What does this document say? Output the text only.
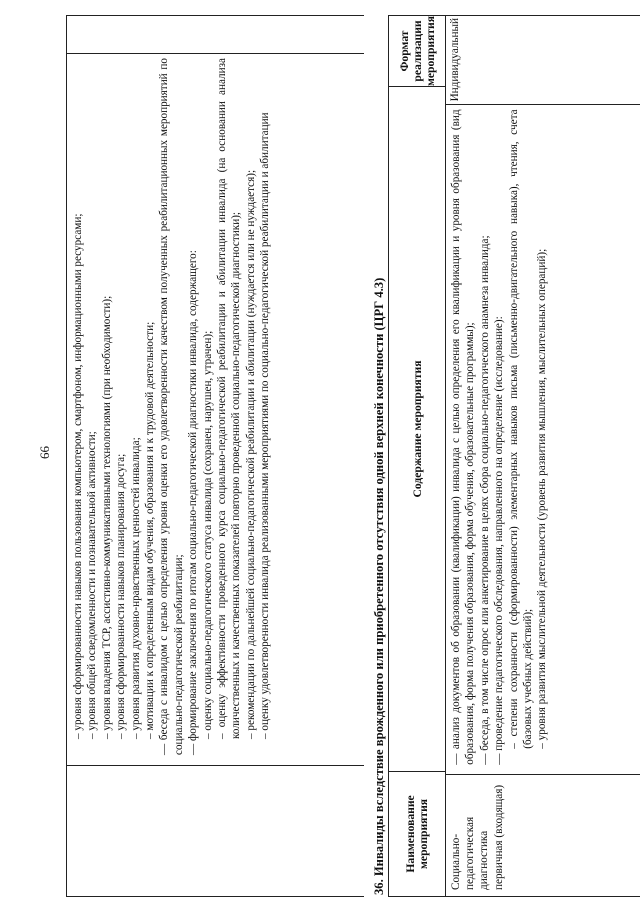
66 – уровня сформированности навыков пользования компьютером, смартфоном, информационными ресурсами; – уровня общей осведомленности и познавательной активности; – уровня владения ТСР, ассистивно-коммуникативными технологиями (при необходимости); – уровня сформированности навыков планирования досуга; – уровня развития духовно-нравственных ценностей инвалида; – мотивации к определенным видам обучения, образования и к трудовой деятельности; — беседа с инвалидом с целью определения уровня оценки его удовлетворенности качеством полученных реабилитационных мероприятий по социально-педагогической реабилитации; — формирование заключения по итогам социально-педагогической диагностики инвалида, содержащего: – оценку социально-педагогического статуса инвалида (сохранен, нарушен, утрачен); – оценку эффективности проведенного курса социально-педагогической реабилитации и абилитации инвалида (на основании анализа количественных и качественных показателей повторно проведенной социально-педагогической диагностики); – рекомендации по дальнейшей социально-педагогической реабилитации и абилитации (нуждается или не нуждается); – оценку удовлетворенности инвалида реализованными мероприятиями по социально-педагогической реабилитации и абилитации	36. Инвалиды вследствие врожденного или приобретенного отсутствия одной верхней конечности (ЦРГ 4.3)	Наименование мероприятия
Содержание мероприятия
Формат реализации мероприятия
Социально-педагогическая диагностика первичная (входящая)
— анализ документов об образовании (квалификации) инвалида с целью определения его квалификации и уровня образования (вид образования, форма получения образования, форма обучения, образовательные программы); — беседа, в том числе опрос или анкетирование в целях сбора социально-педагогического анамнеза инвалида; — проведение педагогического обследования, направленного на определение (исследование): – степени сохранности (сформированности) элементарных навыков письма (письменно-двигательного навыка), чтения, счета (базовых учебных действий); – уровня развития мыслительной деятельности (уровень развития мышления, мыслительных операций);
Индивидуальный
